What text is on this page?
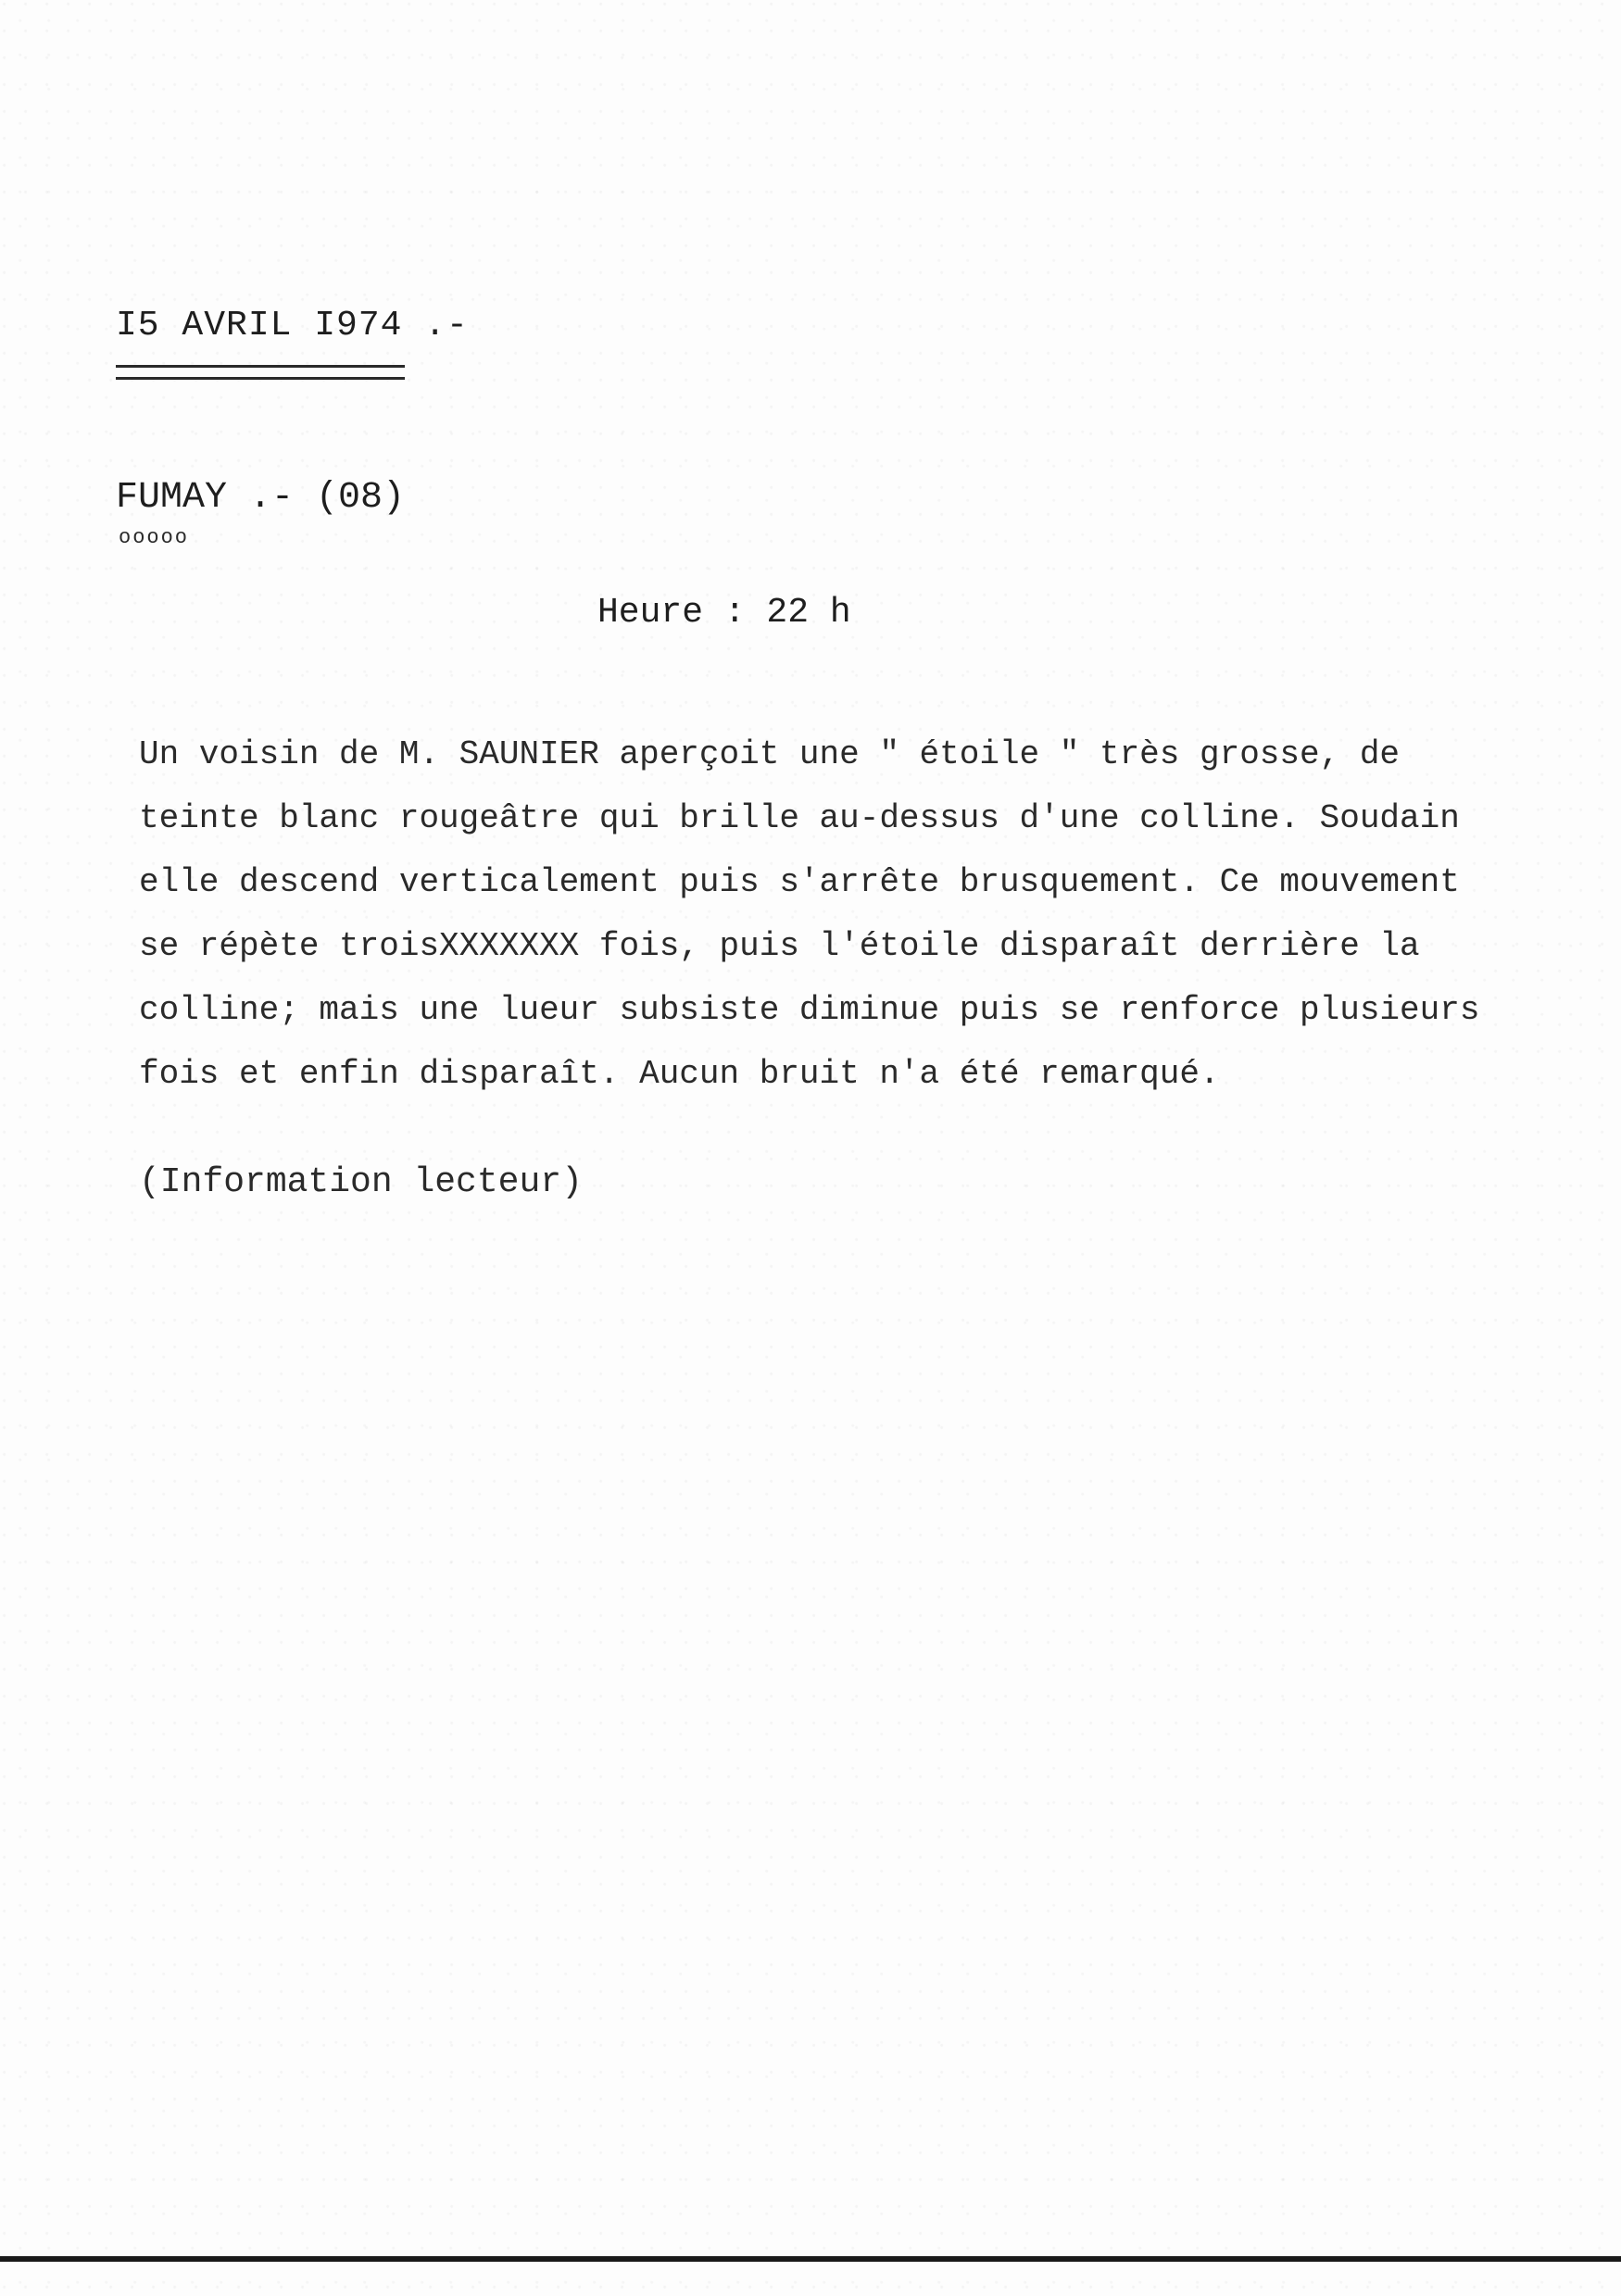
I5 AVRIL I974 .-
FUMAY .- (08)
ooooo
Heure : 22 h
Un voisin de M. SAUNIER aperçoit une " étoile " très grosse, de
teinte blanc rougeâtre qui brille au-dessus d'une colline. Soudain
elle descend verticalement puis s'arrête brusquement. Ce mouvement
se répète troisXXXXXXX fois, puis l'étoile disparaît derrière la
colline; mais une lueur subsiste diminue puis se renforce plusieurs
fois et enfin disparaît. Aucun bruit n'a été remarqué.
(Information lecteur)
